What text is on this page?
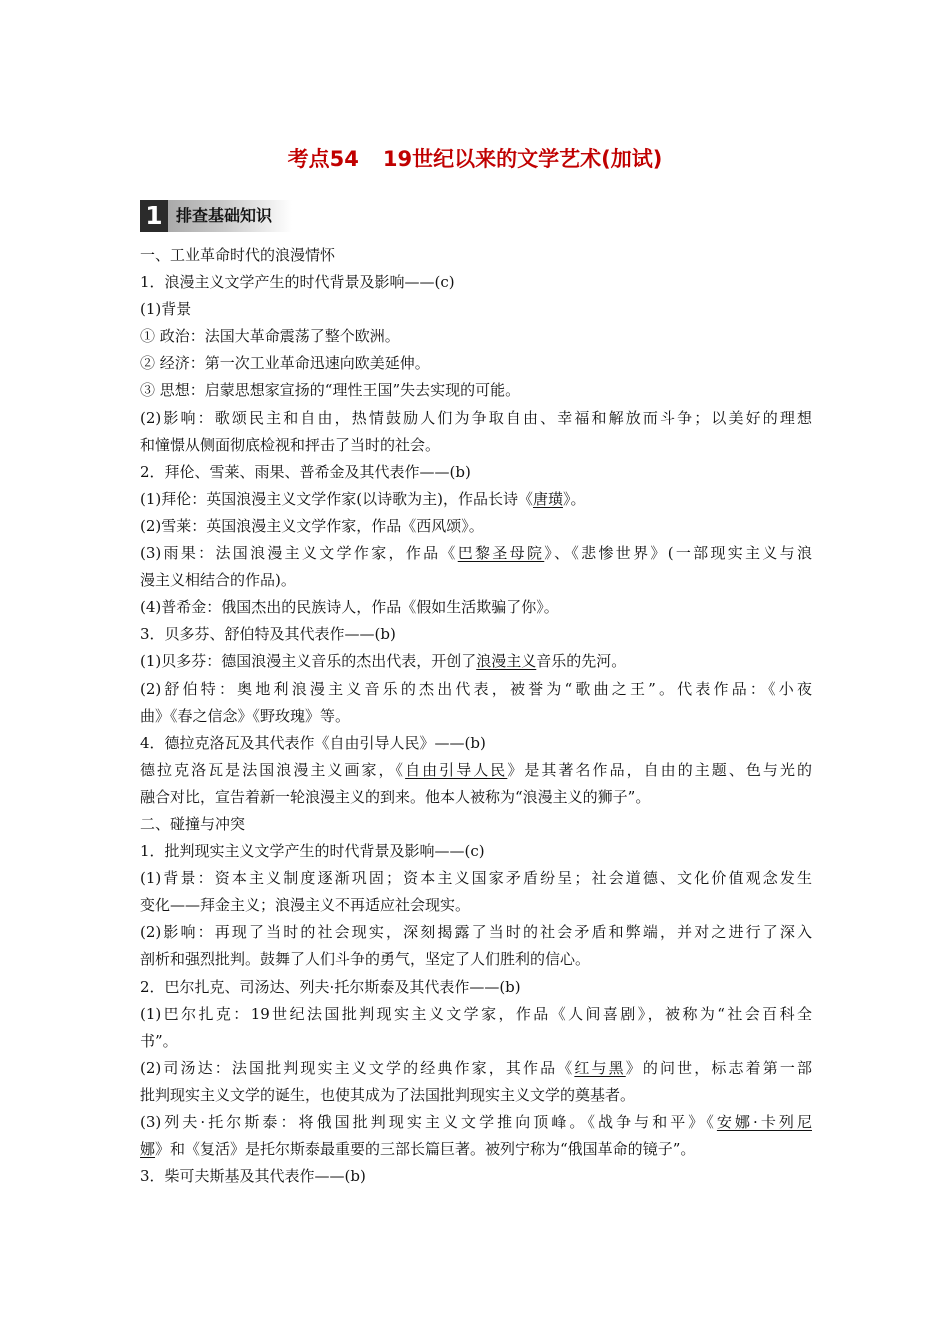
考点54 19世纪以来的文学艺术(加试)
1 排查基础知识
一、工业革命时代的浪漫情怀
1．浪漫主义文学产生的时代背景及影响——(c)
(1)背景
① 政治：法国大革命震荡了整个欧洲。
② 经济：第一次工业革命迅速向欧美延伸。
③ 思想：启蒙思想家宣扬的“理性王国”失去实现的可能。
(2)影响：歌颂民主和自由，热情鼓励人们为争取自由、幸福和解放而斗争；以美好的理想
和憧憬从侧面彻底检视和抨击了当时的社会。
2．拜伦、雪莱、雨果、普希金及其代表作——(b)
(1)拜伦：英国浪漫主义文学作家(以诗歌为主)，作品长诗《唐璜》。
(2)雪莱：英国浪漫主义文学作家，作品《西风颂》。
(3)雨果：法国浪漫主义文学作家，作品《巴黎圣母院》、《悲惨世界》(一部现实主义与浪
漫主义相结合的作品)。
(4)普希金：俄国杰出的民族诗人，作品《假如生活欺骗了你》。
3．贝多芬、舒伯特及其代表作——(b)
(1)贝多芬：德国浪漫主义音乐的杰出代表，开创了浪漫主义音乐的先河。
(2)舒伯特：奥地利浪漫主义音乐的杰出代表，被誉为“歌曲之王”。代表作品：《小夜
曲》《春之信念》《野玫瑰》等。
4．德拉克洛瓦及其代表作《自由引导人民》——(b)
德拉克洛瓦是法国浪漫主义画家，《自由引导人民》是其著名作品，自由的主题、色与光的
融合对比，宣告着新一轮浪漫主义的到来。他本人被称为“浪漫主义的狮子”。
二、碰撞与冲突
1．批判现实主义文学产生的时代背景及影响——(c)
(1)背景：资本主义制度逐渐巩固；资本主义国家矛盾纷呈；社会道德、文化价值观念发生
变化——拜金主义；浪漫主义不再适应社会现实。
(2)影响：再现了当时的社会现实，深刻揭露了当时的社会矛盾和弊端，并对之进行了深入
剖析和强烈批判。鼓舞了人们斗争的勇气，坚定了人们胜利的信心。
2．巴尔扎克、司汤达、列夫·托尔斯泰及其代表作——(b)
(1)巴尔扎克：19世纪法国批判现实主义文学家，作品《人间喜剧》，被称为“社会百科全
书”。
(2)司汤达：法国批判现实主义文学的经典作家，其作品《红与黑》的问世，标志着第一部
批判现实主义文学的诞生，也使其成为了法国批判现实主义文学的奠基者。
(3)列夫·托尔斯泰：将俄国批判现实主义文学推向顶峰。《战争与和平》《安娜·卡列尼
娜》和《复活》是托尔斯泰最重要的三部长篇巨著。被列宁称为“俄国革命的镜子”。
3．柴可夫斯基及其代表作——(b)
